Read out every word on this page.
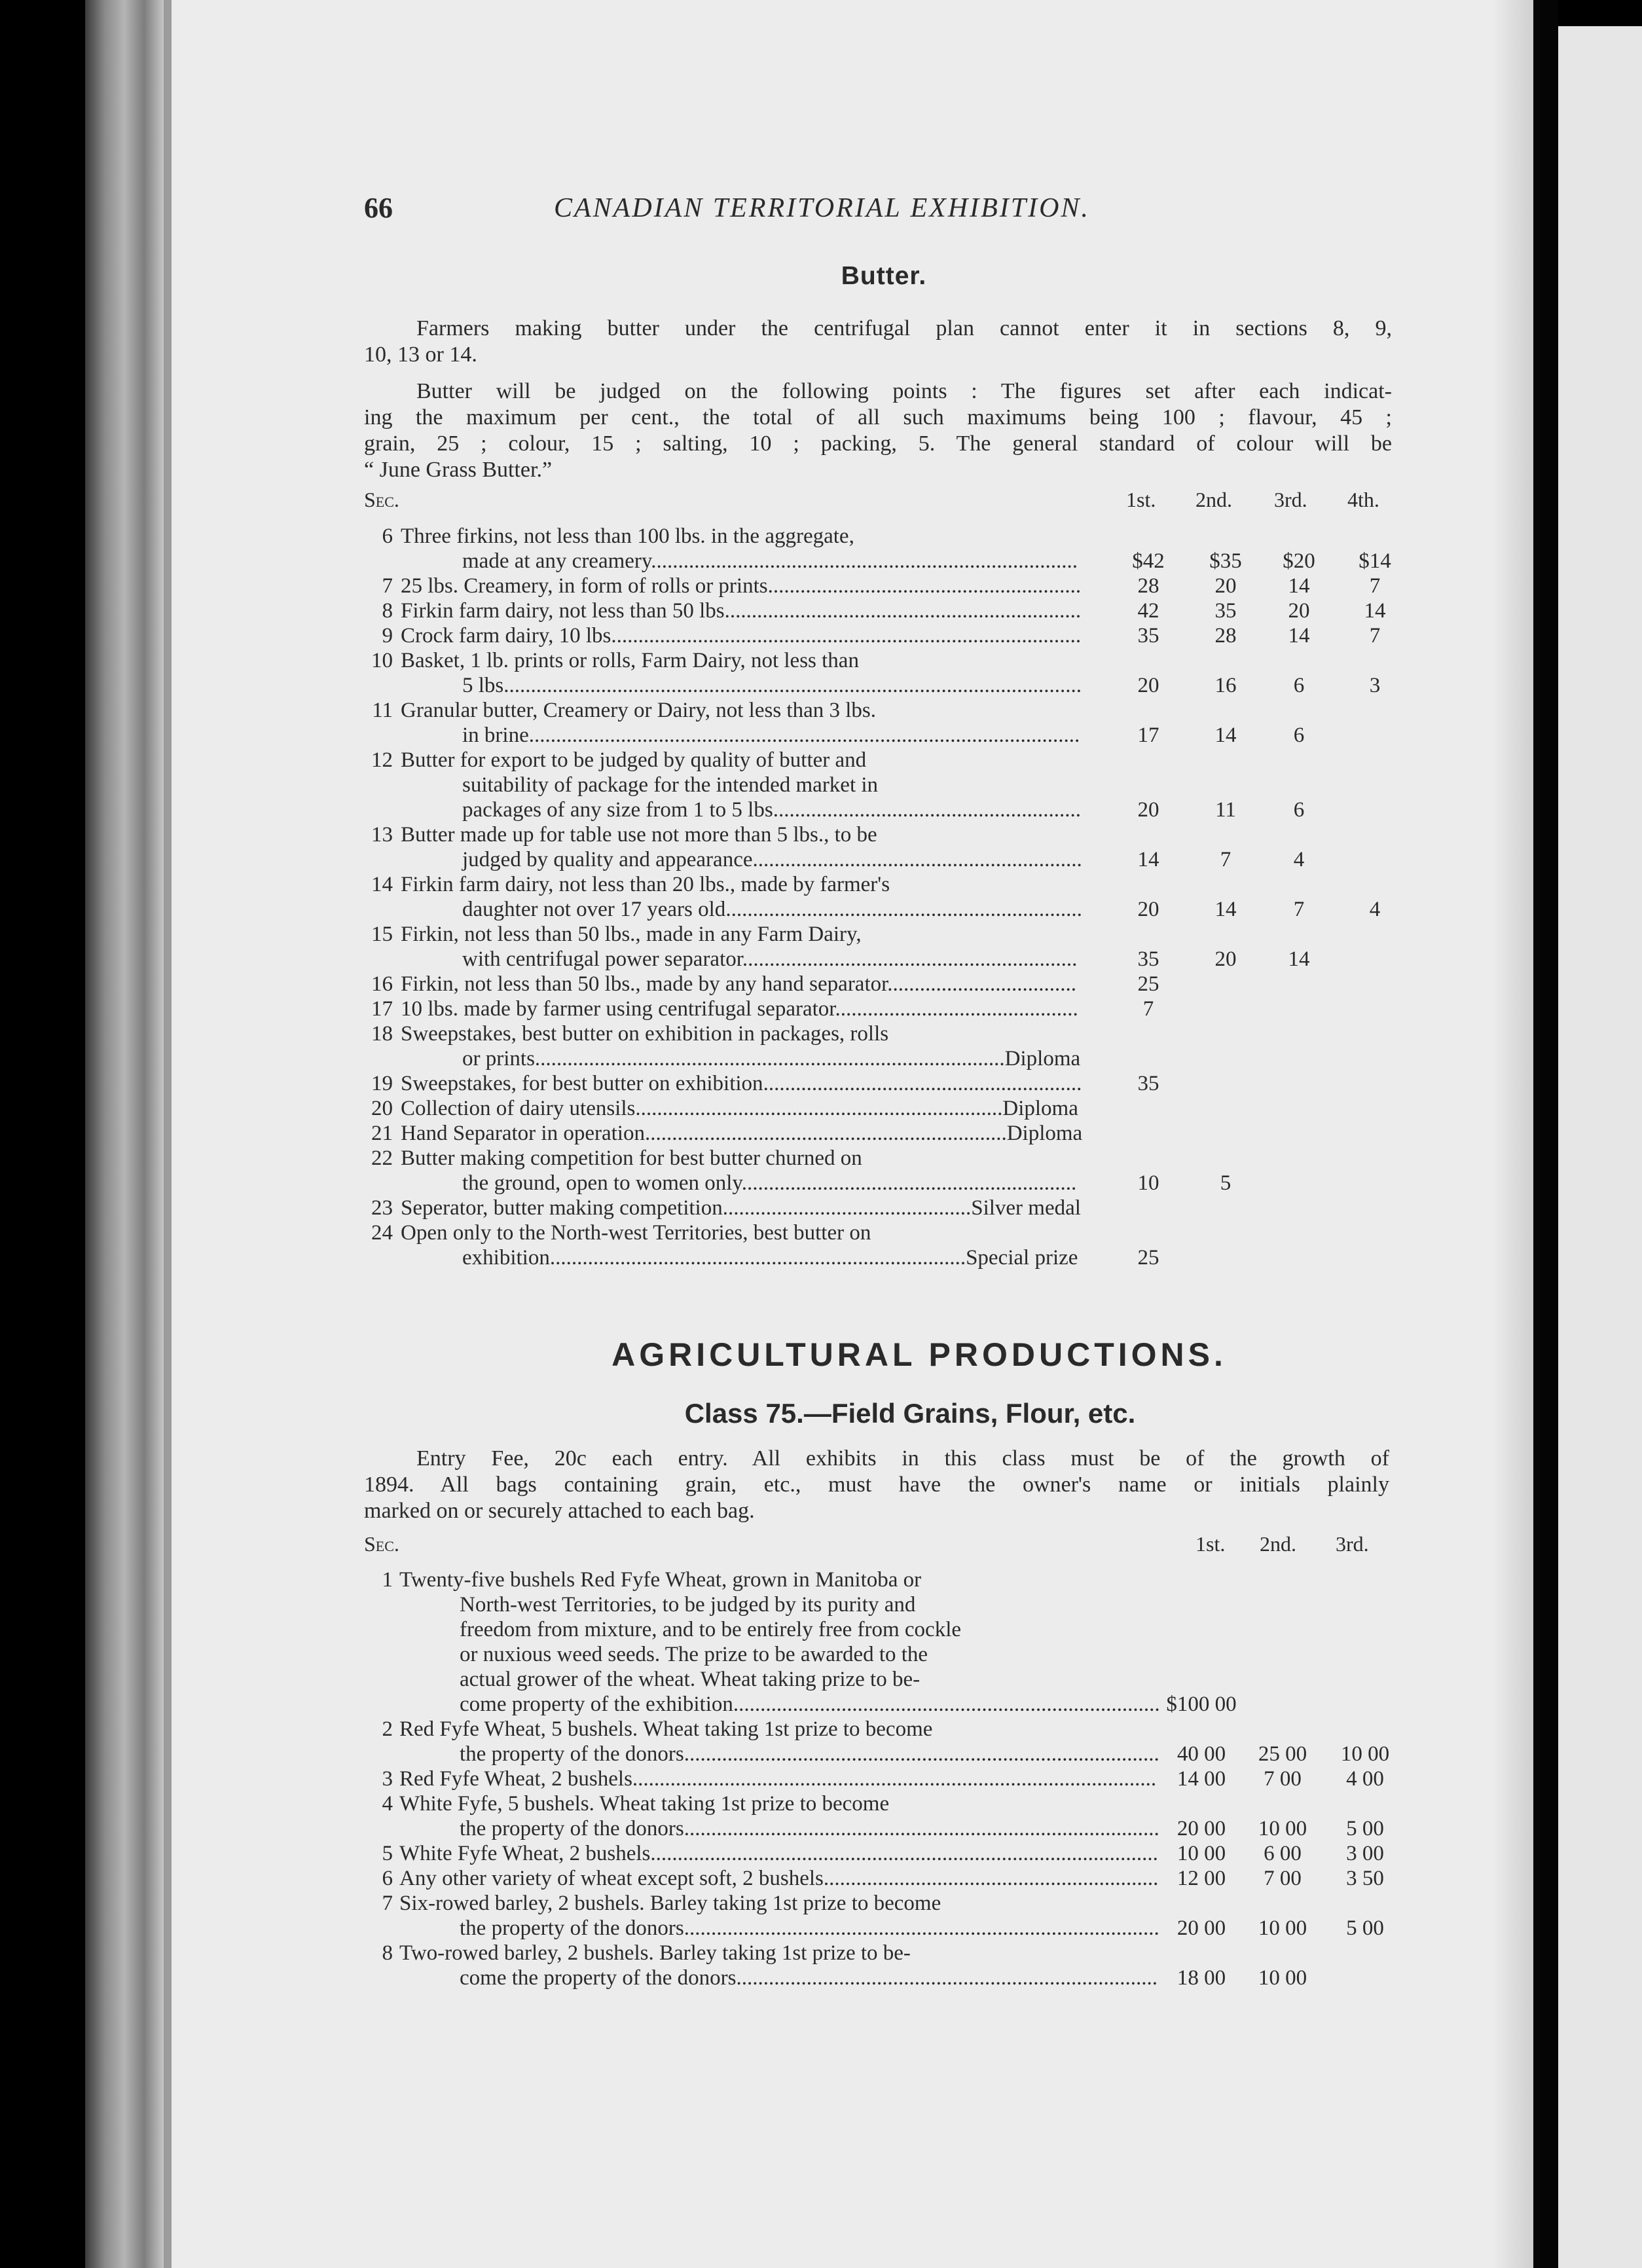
66	CANADIAN TERRITORIAL EXHIBITION.
Butter.
Farmers making butter under the centrifugal plan cannot enter it in sections 8, 9,
10, 13 or 14.
Butter will be judged on the following points : The figures set after each indicat-
ing the maximum per cent., the total of all such maximums being 100 ; flavour, 45 ;
grain, 25 ; colour, 15 ; salting, 10 ; packing, 5. The general standard of colour will be
“ June Grass Butter.”
Sec.	1st. 2nd. 3rd. 4th.
6 Three firkins, not less than 100 lbs. in the aggregate,
made at any creamery...............................................................................	$42	$35	$20	$14
7 25 lbs. Creamery, in form of rolls or prints..........................................................	28	20	14	7
8 Firkin farm dairy, not less than 50 lbs..................................................................	42	35	20	14
9 Crock farm dairy, 10 lbs.......................................................................................	35	28	14	7
10 Basket, 1 lb. prints or rolls, Farm Dairy, not less than
5 lbs...........................................................................................................	20	16	6	3
11 Granular butter, Creamery or Dairy, not less than 3 lbs.
in brine......................................................................................................	17	14	6
12 Butter for export to be judged by quality of butter and
suitability of package for the intended market in
packages of any size from 1 to 5 lbs.........................................................	20	11	6
13 Butter made up for table use not more than 5 lbs., to be
judged by quality and appearance.............................................................	14	7	4
14 Firkin farm dairy, not less than 20 lbs., made by farmer's
daughter not over 17 years old..................................................................	20	14	7	4
15 Firkin, not less than 50 lbs., made in any Farm Dairy,
with centrifugal power separator..............................................................	35	20	14
16 Firkin, not less than 50 lbs., made by any hand separator...................................	25
17 10 lbs. made by farmer using centrifugal separator.............................................	7
18 Sweepstakes, best butter on exhibition in packages, rolls
or prints.......................................................................................Diploma
19 Sweepstakes, for best butter on exhibition...........................................................	35
20 Collection of dairy utensils....................................................................Diploma
21 Hand Separator in operation...................................................................Diploma
22 Butter making competition for best butter churned on
the ground, open to women only..............................................................	10	5
23 Seperator, butter making competition..............................................Silver medal
24 Open only to the North-west Territories, best butter on
exhibition.............................................................................Special prize	25
AGRICULTURAL PRODUCTIONS.
Class 75.—Field Grains, Flour, etc.
Entry Fee, 20c each entry. All exhibits in this class must be of the growth of
1894. All bags containing grain, etc., must have the owner's name or initials plainly
marked on or securely attached to each bag.
Sec.	1st. 2nd. 3rd.
1 Twenty-five bushels Red Fyfe Wheat, grown in Manitoba or
North-west Territories, to be judged by its purity and
freedom from mixture, and to be entirely free from cockle
or nuxious weed seeds. The prize to be awarded to the
actual grower of the wheat. Wheat taking prize to be-
come property of the exhibition............................................................................... $100 00
2 Red Fyfe Wheat, 5 bushels. Wheat taking 1st prize to become
the property of the donors........................................................................................ 40 00	25 00	10 00
3 Red Fyfe Wheat, 2 bushels................................................................................................. 14 00	7 00	4 00
4 White Fyfe, 5 bushels. Wheat taking 1st prize to become
the property of the donors........................................................................................ 20 00	10 00	5 00
5 White Fyfe Wheat, 2 bushels.............................................................................................. 10 00	6 00	3 00
6 Any other variety of wheat except soft, 2 bushels.............................................................. 12 00	7 00	3 50
7 Six-rowed barley, 2 bushels. Barley taking 1st prize to become
the property of the donors........................................................................................ 20 00	10 00	5 00
8 Two-rowed barley, 2 bushels. Barley taking 1st prize to be-
come the property of the donors.............................................................................. 18 00	10 00
